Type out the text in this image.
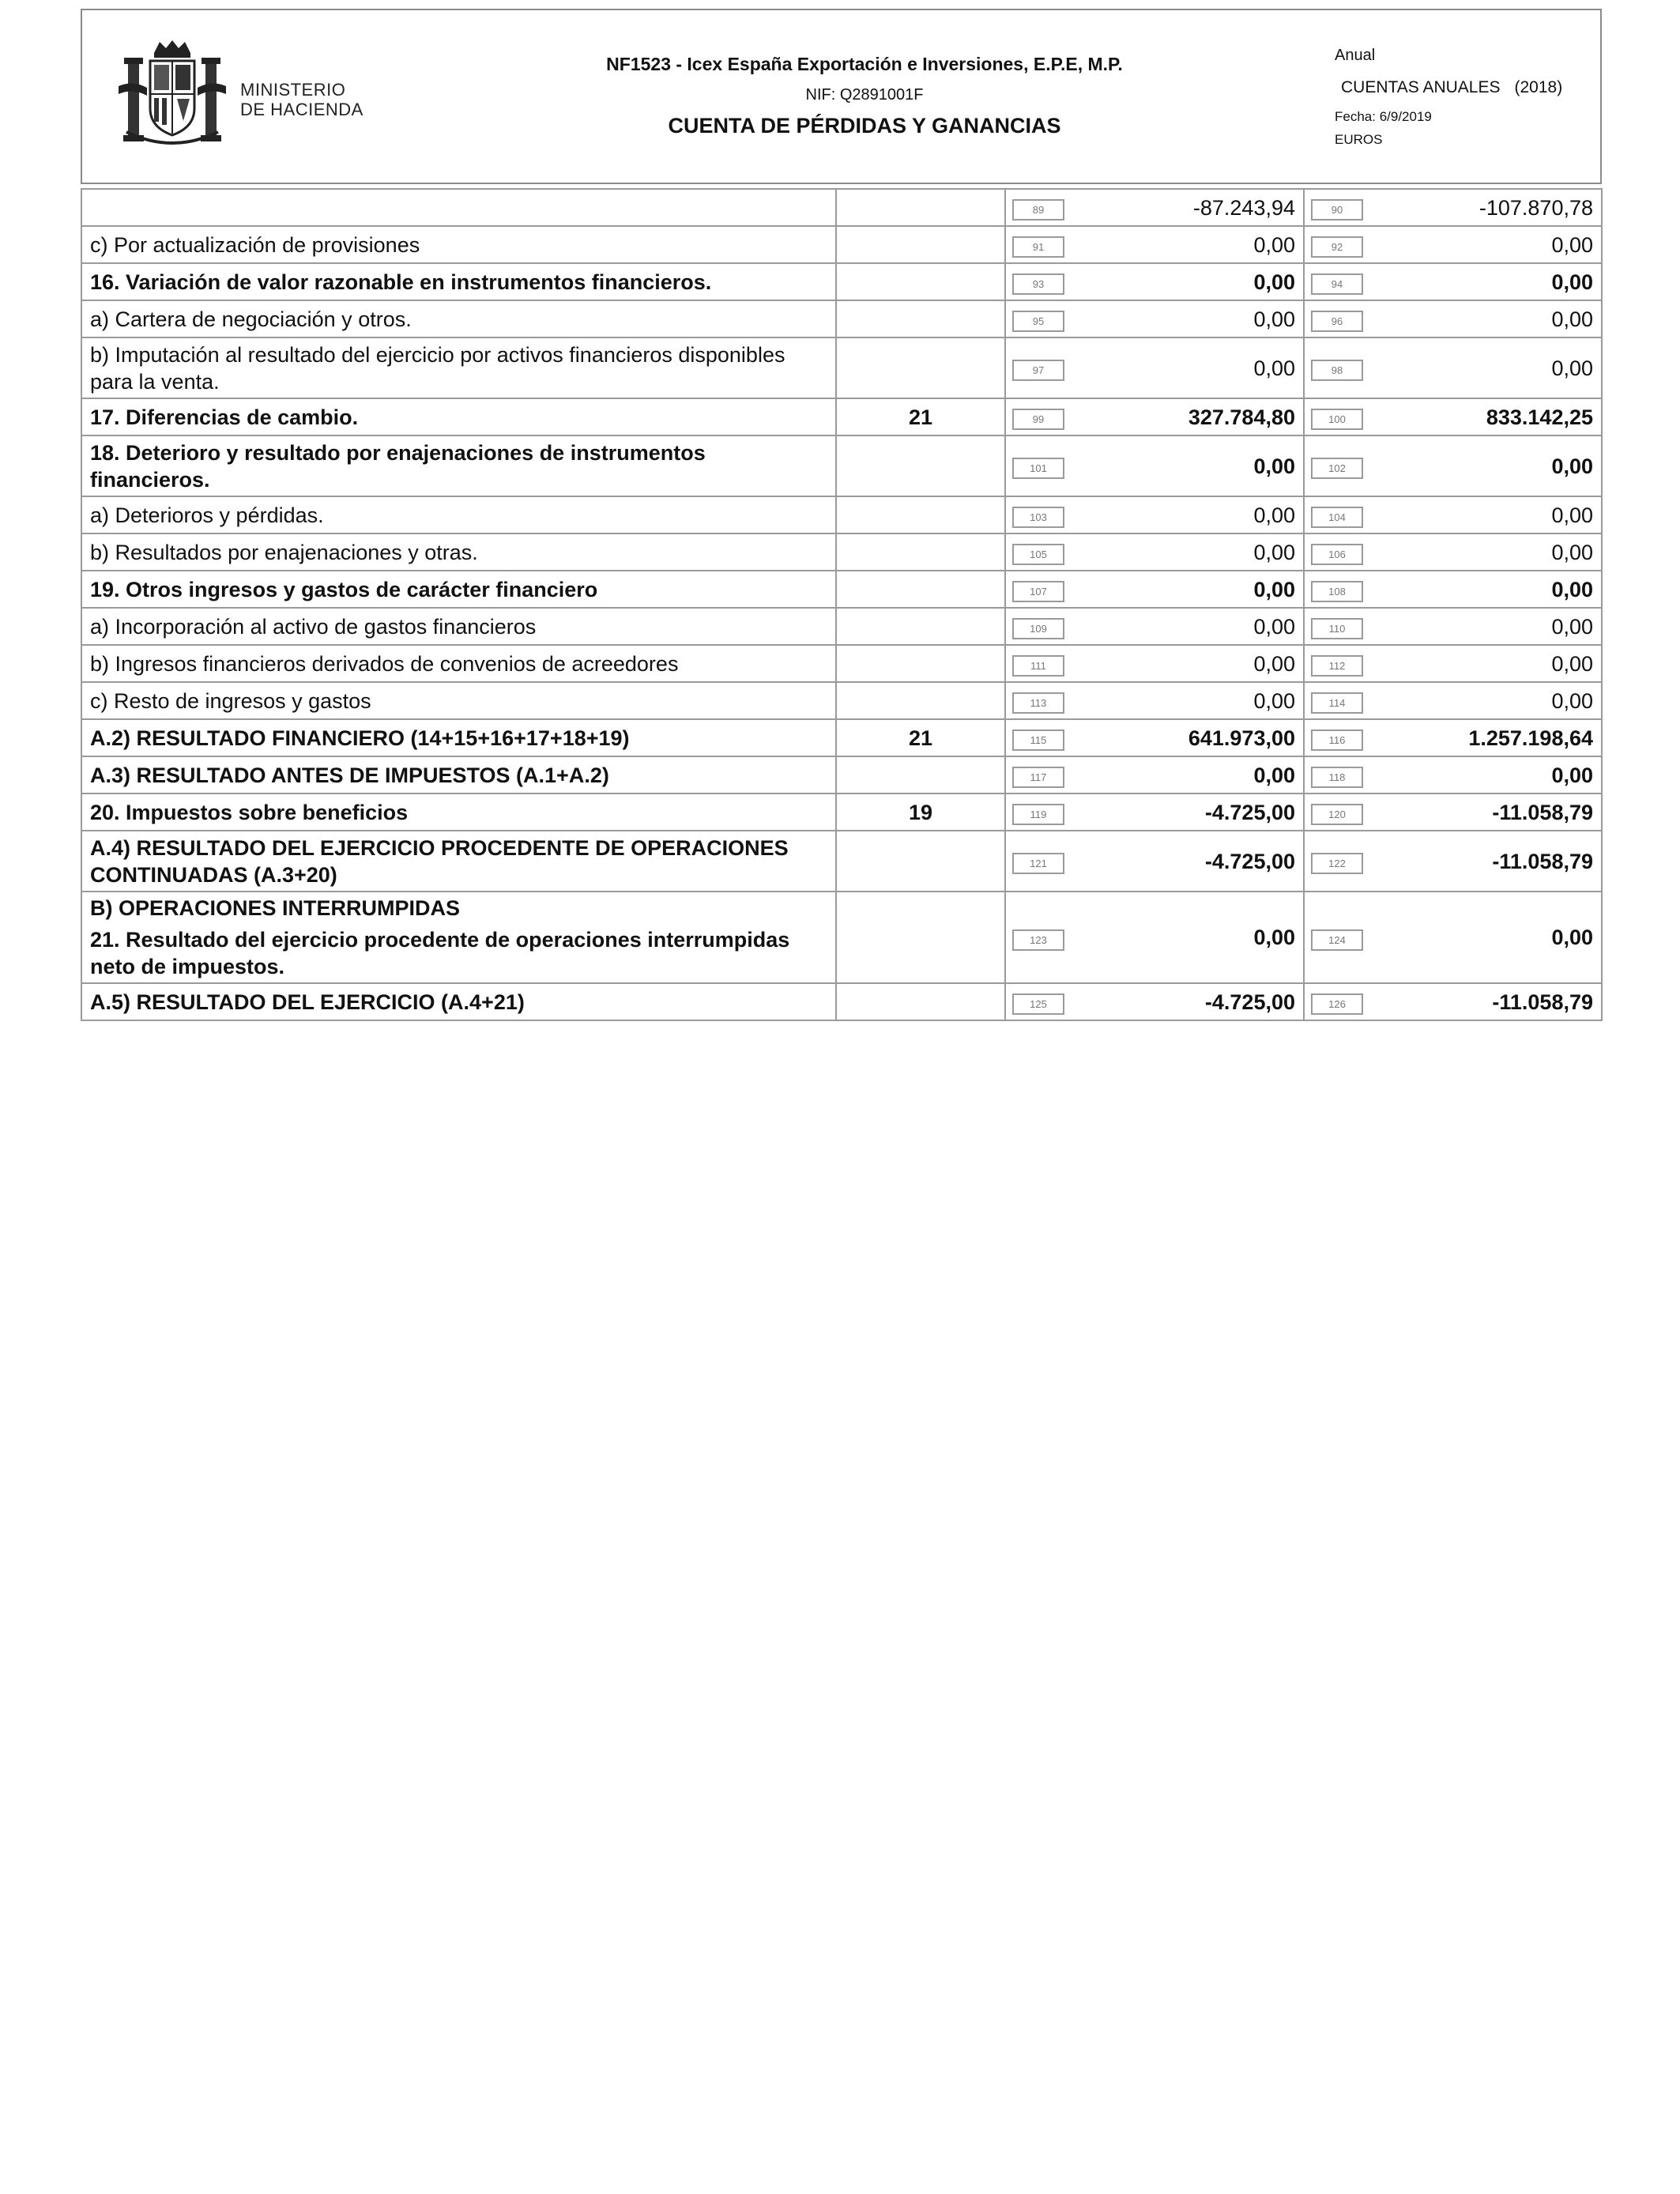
MINISTERIO
DE HACIENDA
NF1523 - Icex España Exportación e Inversiones, E.P.E, M.P.
NIF: Q2891001F
CUENTA DE PÉRDIDAS Y GANANCIAS
Anual
CUENTAS ANUALES (2018)
Fecha: 6/9/2019
EUROS

		89 -87.243,94	90 -107.870,78

c) Por actualización de provisiones		91 0,00	92 0,00

16. Variación de valor razonable en instrumentos financieros.		93 0,00	94 0,00

a) Cartera de negociación y otros.		95 0,00	96 0,00

b) Imputación al resultado del ejercicio por activos financieros disponibles para la venta.		97 0,00	98 0,00

17. Diferencias de cambio.	21	99 327.784,80	100 833.142,25

18. Deterioro y resultado por enajenaciones de instrumentos financieros.		101 0,00	102 0,00

a) Deterioros y pérdidas.		103 0,00	104 0,00

b) Resultados por enajenaciones y otras.		105 0,00	106 0,00

19. Otros ingresos y gastos de carácter financiero		107 0,00	108 0,00

a) Incorporación al activo de gastos financieros		109 0,00	110 0,00

b) Ingresos financieros derivados de convenios de acreedores		111 0,00	112 0,00

c) Resto de ingresos y gastos		113 0,00	114 0,00

A.2) RESULTADO FINANCIERO (14+15+16+17+18+19)	21	115 641.973,00	116 1.257.198,64

A.3) RESULTADO ANTES DE IMPUESTOS (A.1+A.2)		117 0,00	118 0,00

20. Impuestos sobre beneficios	19	119 -4.725,00	120 -11.058,79

A.4) RESULTADO DEL EJERCICIO PROCEDENTE DE OPERACIONES CONTINUADAS (A.3+20)		121 -4.725,00	122 -11.058,79

B) OPERACIONES INTERRUMPIDAS
21. Resultado del ejercicio procedente de operaciones interrumpidas neto de impuestos.		123 0,00	124 0,00

A.5) RESULTADO DEL EJERCICIO (A.4+21)		125 -4.725,00	126 -11.058,79
